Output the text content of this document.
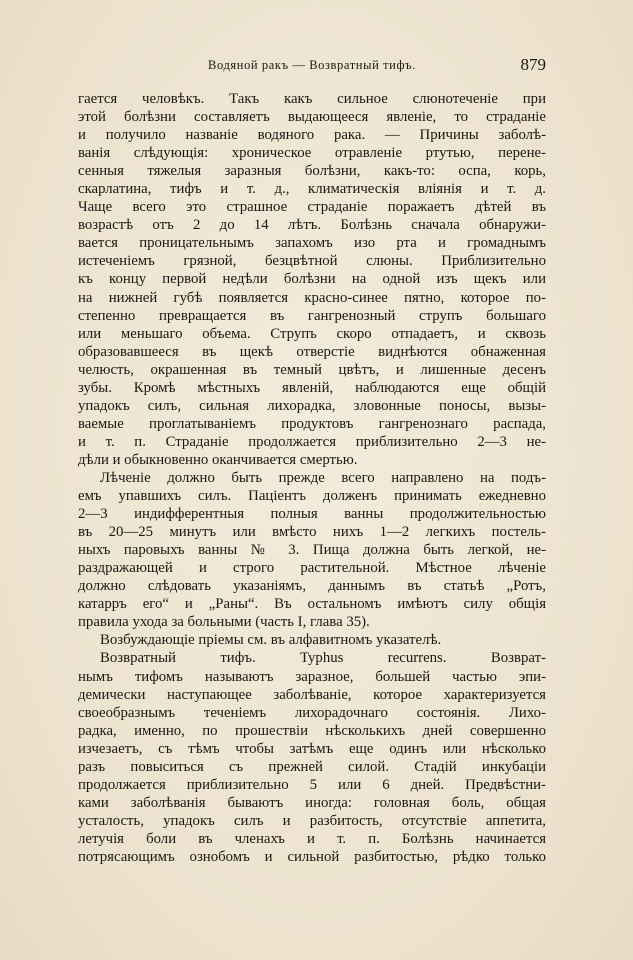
Водяной ракъ — Возвратный тифъ.	879
гается человѣкъ. Такъ какъ сильное слюнотеченіе при
этой болѣзни составляетъ выдающееся явленіе, то страданіе
и получило названіе водяного рака. — Причины заболѣ-
ванія слѣдующія: хроническое отравленіе ртутью, перене-
сенныя тяжелыя заразныя болѣзни, какъ-то: оспа, корь,
скарлатина, тифъ и т. д., климатическія вліянія и т. д.
Чаще всего это страшное страданіе поражаетъ дѣтей въ
возрастѣ отъ 2 до 14 лѣтъ. Болѣзнь сначала обнаружи-
вается проницательнымъ запахомъ изо рта и громаднымъ
истеченіемъ грязной, безцвѣтной слюны. Приблизительно
къ концу первой недѣли болѣзни на одной изъ щекъ или
на нижней губѣ появляется красно-синее пятно, которое по-
степенно превращается въ гангренозный струпъ большаго
или меньшаго объема. Струпъ скоро отпадаетъ, и сквозь
образовавшееся въ щекѣ отверстіе виднѣются обнаженная
челюсть, окрашенная въ темный цвѣтъ, и лишенные десенъ
зубы. Кромѣ мѣстныхъ явленій, наблюдаются еще общій
упадокъ силъ, сильная лихорадка, зловонные поносы, вызы-
ваемые проглатываніемъ продуктовъ гангренознаго распада,
и т. п. Страданіе продолжается приблизительно 2—3 не-
дѣли и обыкновенно оканчивается смертью.
Лѣченіе должно быть прежде всего направлено на подъ-
емъ упавшихъ силъ. Паціентъ долженъ принимать ежедневно
2—3 индифферентныя полныя ванны продолжительностью
въ 20—25 минутъ или вмѣсто нихъ 1—2 легкихъ постель-
ныхъ паровыхъ ванны № 3. Пища должна быть легкой, не-
раздражающей и строго растительной. Мѣстное лѣченіе
должно слѣдовать указаніямъ, даннымъ въ статьѣ „Ротъ,
катарръ его“ и „Раны“. Въ остальномъ имѣютъ силу общія
правила ухода за больными (часть I, глава 35).
Возбуждающіе пріемы см. въ алфавитномъ указателѣ.
Возвратный тифъ. Typhus recurrens. Возврат-
нымъ тифомъ называютъ заразное, большей частью эпи-
демически наступающее заболѣваніе, которое характеризуется
своеобразнымъ теченіемъ лихорадочнаго состоянія. Лихо-
радка, именно, по прошествіи нѣсколькихъ дней совершенно
изчезаетъ, съ тѣмъ чтобы затѣмъ еще одинъ или нѣсколько
разъ повыситься съ прежней силой. Стадій инкубаціи
продолжается приблизительно 5 или 6 дней. Предвѣстни-
ками заболѣванія бываютъ иногда: головная боль, общая
усталость, упадокъ силъ и разбитость, отсутствіе аппетита,
летучія боли въ членахъ и т. п. Болѣзнь начинается
потрясающимъ ознобомъ и сильной разбитостью, рѣдко только
